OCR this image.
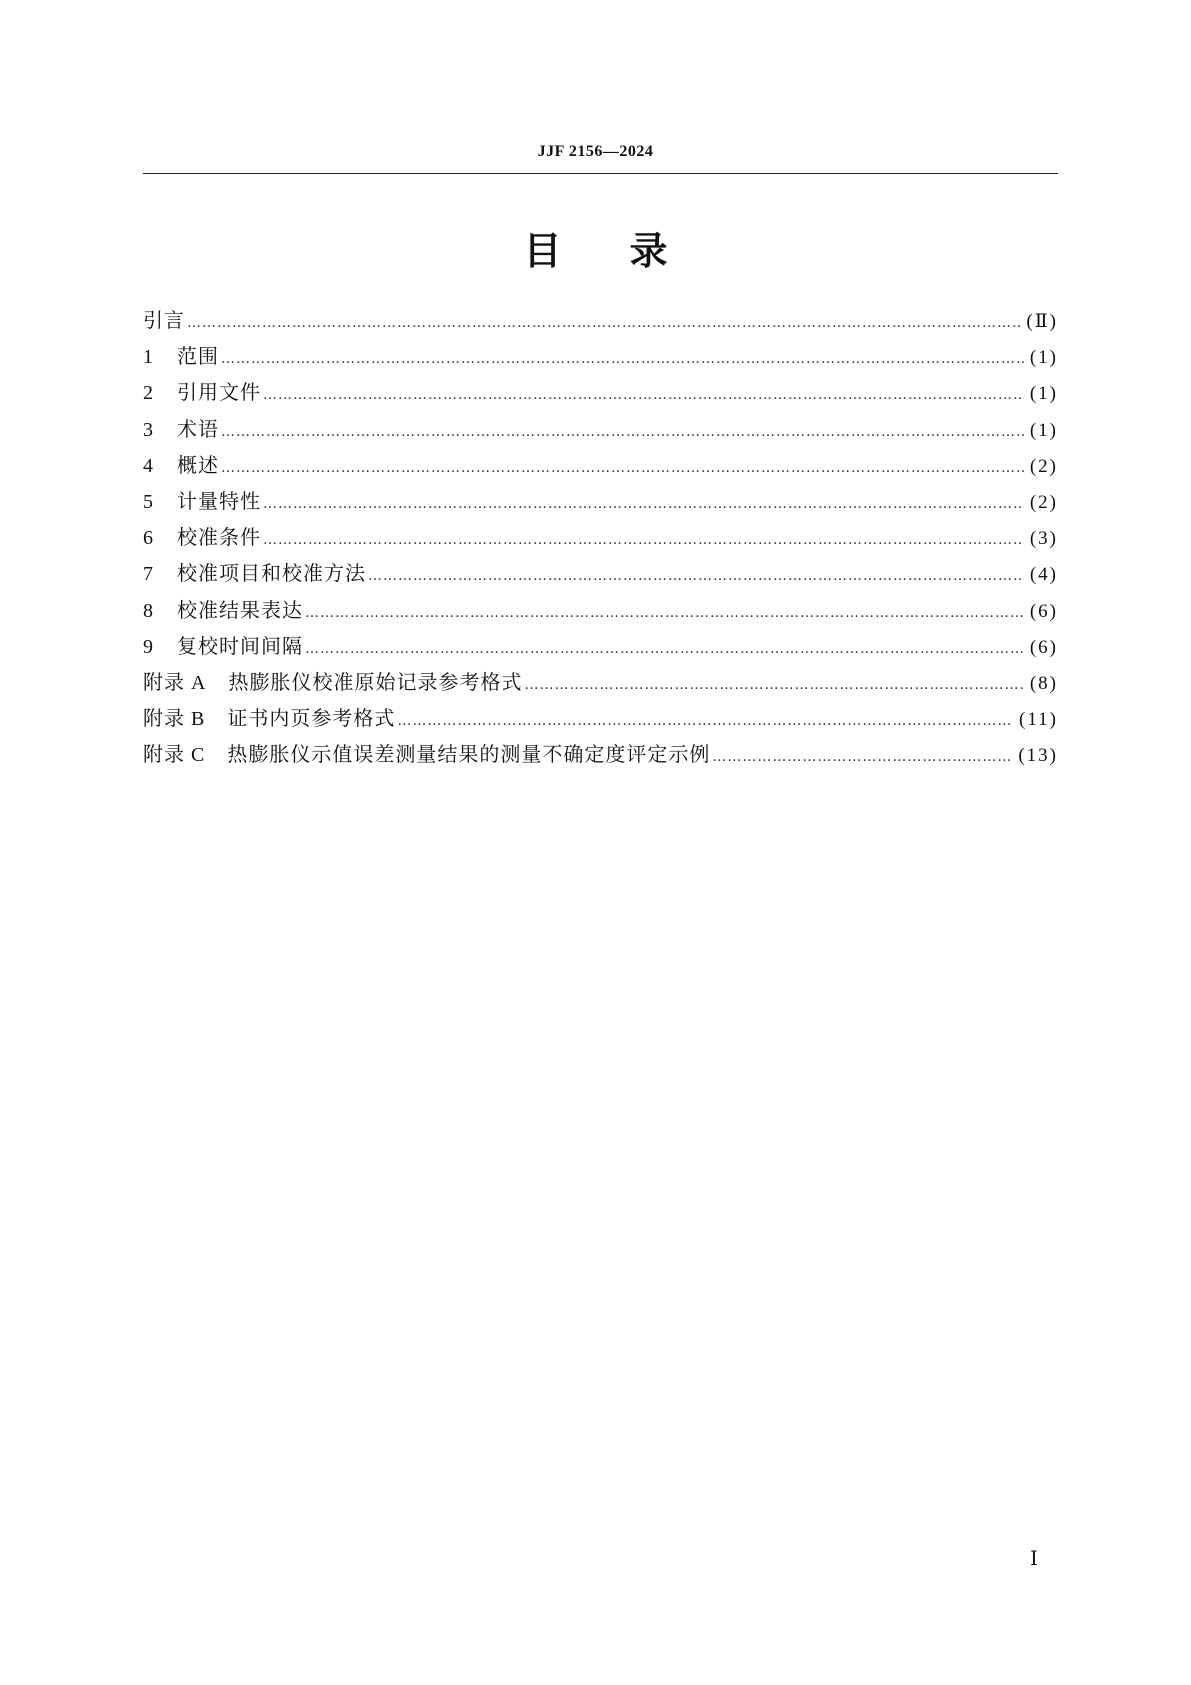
JJF 2156—2024
目录
引言 …………………………………………………………………………………………………………………………………………………………………………………………………………………………	(Ⅱ)
1	范围 …………………………………………………………………………………………………………………………………………………………………………………………………………………………	(1)
2	引用文件 …………………………………………………………………………………………………………………………………………………………………………………………………………………………	(1)
3	术语 …………………………………………………………………………………………………………………………………………………………………………………………………………………………	(1)
4	概述 …………………………………………………………………………………………………………………………………………………………………………………………………………………………	(2)
5	计量特性 …………………………………………………………………………………………………………………………………………………………………………………………………………………………	(2)
6	校准条件 …………………………………………………………………………………………………………………………………………………………………………………………………………………………	(3)
7	校准项目和校准方法 …………………………………………………………………………………………………………………………………………………………………………………………………………………………	(4)
8	校准结果表达 …………………………………………………………………………………………………………………………………………………………………………………………………………………………	(6)
9	复校时间间隔 …………………………………………………………………………………………………………………………………………………………………………………………………………………………	(6)
附录 A 热膨胀仪校准原始记录参考格式 …………………………………………………………………………………………………………………………………………………………………………………………………………………………	(8)
附录 B 证书内页参考格式 …………………………………………………………………………………………………………………………………………………………………………………………………………………………	(11)
附录 C 热膨胀仪示值误差测量结果的测量不确定度评定示例 …………………………………………………………………………………………………………………………………………………………………………………………………………………………	(13)
Ⅰ
